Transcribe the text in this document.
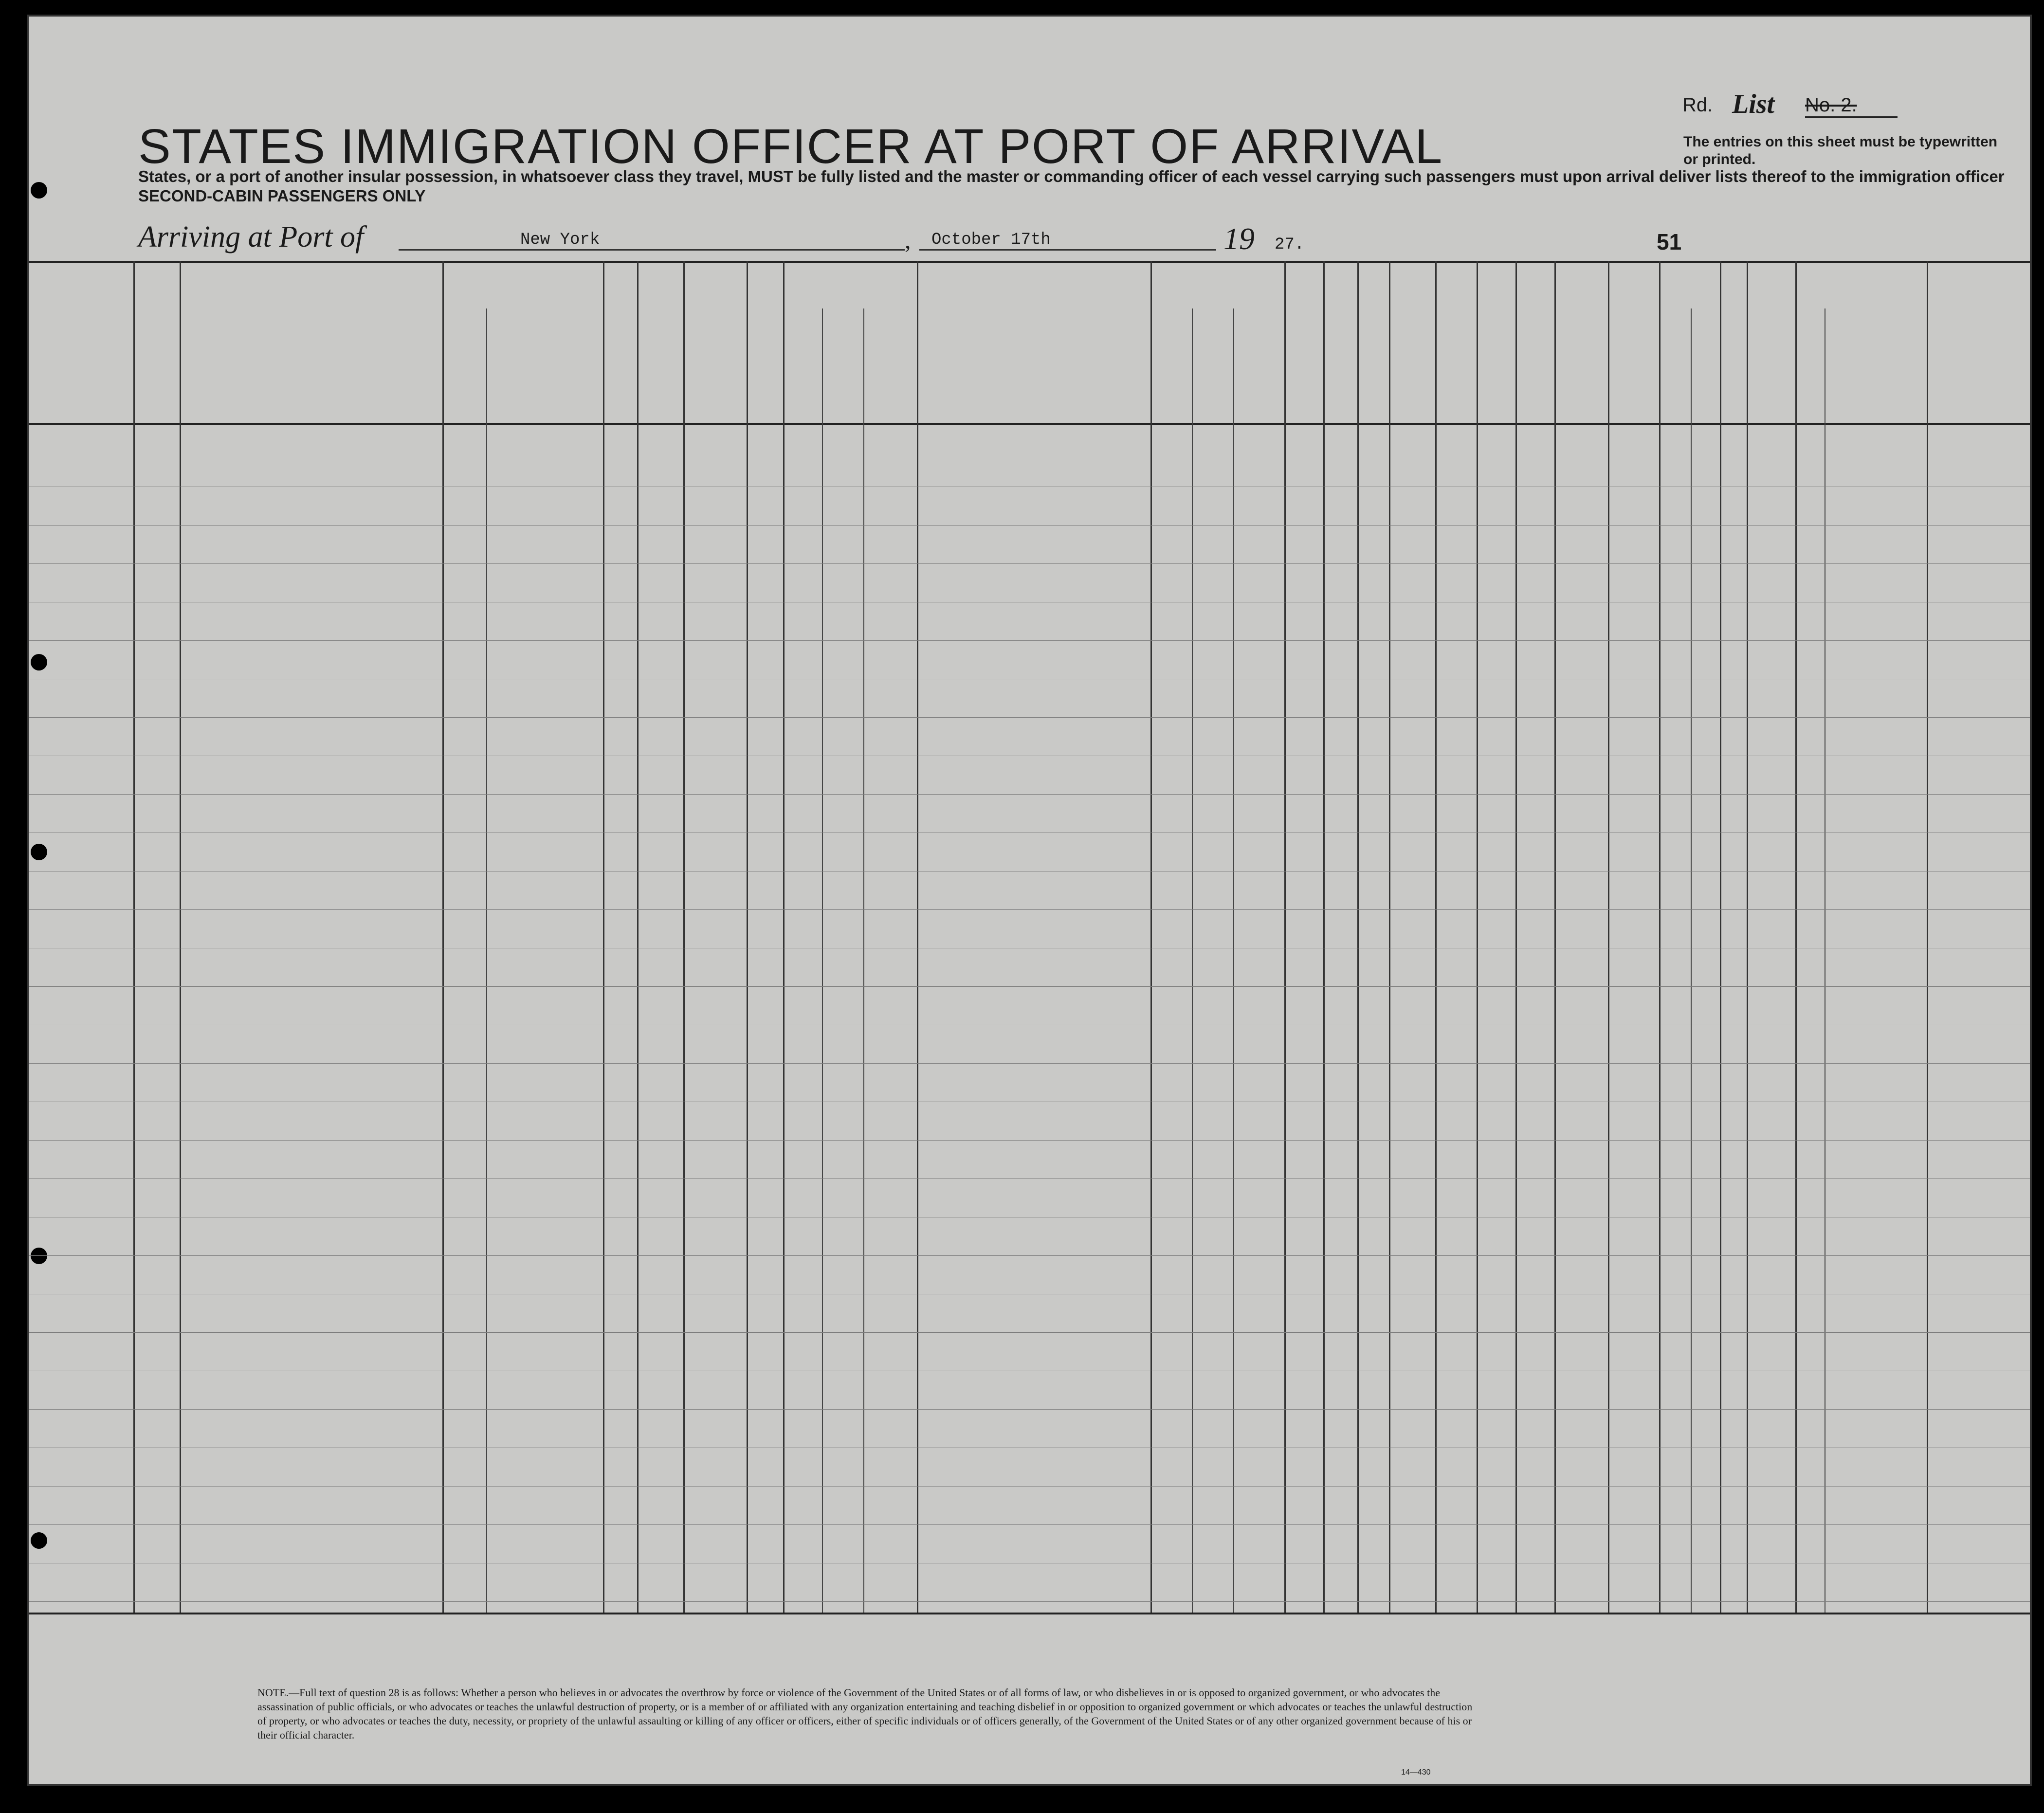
Rd. List No. 2.
STATES IMMIGRATION OFFICER AT PORT OF ARRIVAL	The entries on this sheet must be typewritten or printed.
States, or a port of another insular possession, in whatsoever class they travel, MUST be fully listed and the master or commanding officer of each vessel carrying such passengers must upon arrival deliver lists thereof to the immigration officer
SECOND-CABIN PASSENGERS ONLY
Arriving at Port of	New York	, October 17th	19 27.	51
NOTE.—Full text of question 28 is as follows: Whether a person who believes in or advocates the overthrow by force or violence of the Government of the United States or of all forms of law, or who disbelieves in or is opposed to organized government, or who advocates the assassination of public officials, or who advocates or teaches the unlawful destruction of property, or is a member of or affiliated with any organization entertaining and teaching disbelief in or opposition to organized government or which advocates or teaches the unlawful destruction of property, or who advocates or teaches the duty, necessity, or propriety of the unlawful assaulting or killing of any officer or officers, either of specific individuals or of officers generally, of the Government of the United States or of any other organized government because of his or their official character.
14—430
